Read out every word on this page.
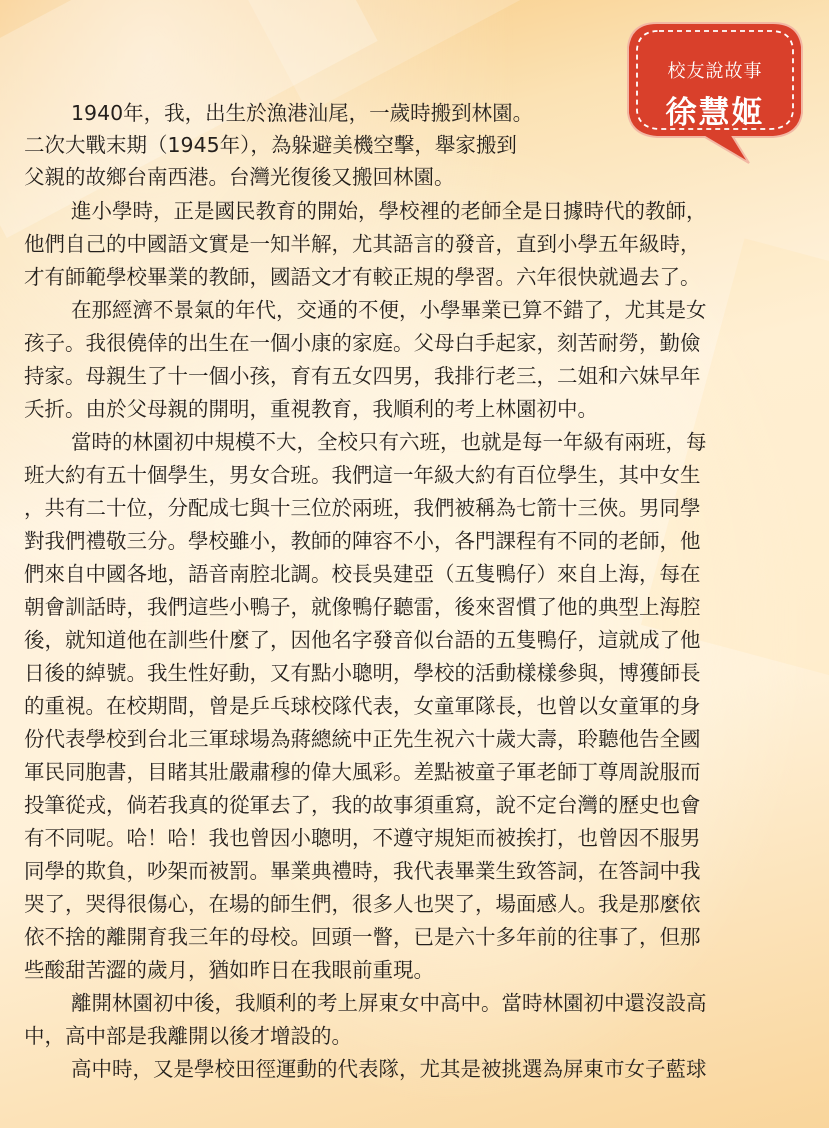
校友說故事
徐慧姬
1940年，我，出生於漁港汕尾，一歲時搬到林園。
二次大戰末期（1945年），為躲避美機空擊，舉家搬到
父親的故鄉台南西港。台灣光復後又搬回林園。
進小學時，正是國民教育的開始，學校裡的老師全是日據時代的教師，
他們自己的中國語文實是一知半解，尤其語言的發音，直到小學五年級時，
才有師範學校畢業的教師，國語文才有較正規的學習。六年很快就過去了。
在那經濟不景氣的年代，交通的不便，小學畢業已算不錯了，尤其是女
孩子。我很僥倖的出生在一個小康的家庭。父母白手起家，刻苦耐勞，勤儉
持家。母親生了十一個小孩，育有五女四男，我排行老三，二姐和六妹早年
夭折。由於父母親的開明，重視教育，我順利的考上林園初中。
當時的林園初中規模不大，全校只有六班，也就是每一年級有兩班，每
班大約有五十個學生，男女合班。我們這一年級大約有百位學生，其中女生
，共有二十位，分配成七與十三位於兩班，我們被稱為七箭十三俠。男同學
對我們禮敬三分。學校雖小，教師的陣容不小，各門課程有不同的老師，他
們來自中國各地，語音南腔北調。校長吳建亞（五隻鴨仔）來自上海，每在
朝會訓話時，我們這些小鴨子，就像鴨仔聽雷，後來習慣了他的典型上海腔
後，就知道他在訓些什麼了，因他名字發音似台語的五隻鴨仔，這就成了他
日後的綽號。我生性好動，又有點小聰明，學校的活動樣樣參與，博獲師長
的重視。在校期間，曾是乒乓球校隊代表，女童軍隊長，也曾以女童軍的身
份代表學校到台北三軍球場為蔣總統中正先生祝六十歲大壽，聆聽他告全國
軍民同胞書，目睹其壯嚴肅穆的偉大風彩。差點被童子軍老師丁尊周說服而
投筆從戎，倘若我真的從軍去了，我的故事須重寫，說不定台灣的歷史也會
有不同呢。哈！哈！我也曾因小聰明，不遵守規矩而被挨打，也曾因不服男
同學的欺負，吵架而被罰。畢業典禮時，我代表畢業生致答詞，在答詞中我
哭了，哭得很傷心，在場的師生們，很多人也哭了，場面感人。我是那麼依
依不捨的離開育我三年的母校。回頭一瞥，已是六十多年前的往事了，但那
些酸甜苦澀的歲月，猶如昨日在我眼前重現。
離開林園初中後，我順利的考上屏東女中高中。當時林園初中還沒設高
中，高中部是我離開以後才增設的。
高中時，又是學校田徑運動的代表隊，尤其是被挑選為屏東市女子藍球
